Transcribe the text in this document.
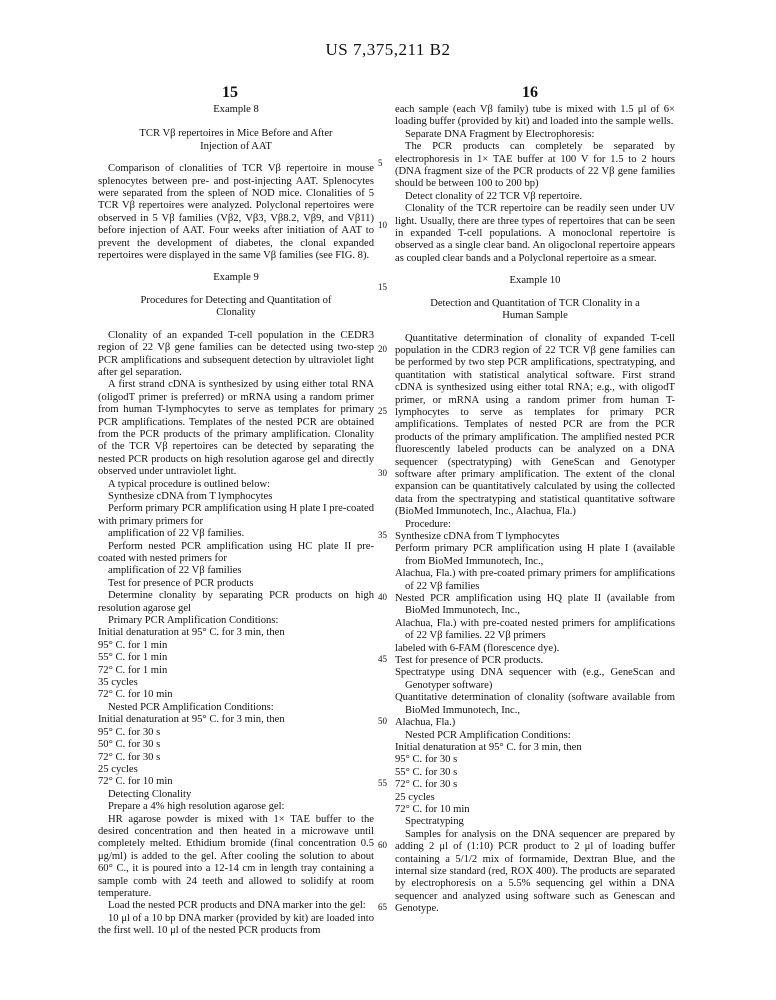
US 7,375,211 B2
15	16
5
10
15
20
25
30
35
40
45
50
55
60
65

Example 8

TCR Vβ repertoires in Mice Before and After Injection of AAT

Comparison of clonalities of TCR Vβ repertoire in mouse splenocytes between pre- and post-injecting AAT. Splenocytes were separated from the spleen of NOD mice. Clonalities of 5 TCR Vβ repertoires were analyzed. Polyclonal repertoires were observed in 5 Vβ families (Vβ2, Vβ3, Vβ8.2, Vβ9, and Vβ11) before injection of AAT. Four weeks after initiation of AAT to prevent the development of diabetes, the clonal expanded repertoires were displayed in the same Vβ families (see FIG. 8).

Example 9

Procedures for Detecting and Quantitation of Clonality

Clonality of an expanded T-cell population in the CEDR3 region of 22 Vβ gene families can be detected using two-step PCR amplifications and subsequent detection by ultraviolet light after gel separation.

A first strand cDNA is synthesized by using either total RNA (oligodT primer is preferred) or mRNA using a random primer from human T-lymphocytes to serve as templates for primary PCR amplifications. Templates of the nested PCR are obtained from the PCR products of the primary amplification. Clonality of the TCR Vβ repertoires can be detected by separating the nested PCR products on high resolution agarose gel and directly observed under untraviolet light.

A typical procedure is outlined below:

Synthesize cDNA from T lymphocytes

Perform primary PCR amplification using H plate I pre-coated with primary primers for

amplification of 22 Vβ families.

Perform nested PCR amplification using HC plate II pre-coated with nested primers for

amplification of 22 Vβ families

Test for presence of PCR products

Determine clonality by separating PCR products on high resolution agarose gel

Primary PCR Amplification Conditions:

Initial denaturation at 95° C. for 3 min, then

95° C. for 1 min

55° C. for 1 min

72° C. for 1 min

35 cycles

72° C. for 10 min

Nested PCR Amplification Conditions:

Initial denaturation at 95° C. for 3 min, then

95° C. for 30 s

50° C. for 30 s

72° C. for 30 s

25 cycles

72° C. for 10 min

Detecting Clonality

Prepare a 4% high resolution agarose gel:

HR agarose powder is mixed with 1× TAE buffer to the desired concentration and then heated in a microwave until completely melted. Ethidium bromide (final concentration 0.5 μg/ml) is added to the gel. After cooling the solution to about 60° C., it is poured into a 12-14 cm in length tray containing a sample comb with 24 teeth and allowed to solidify at room temperature.

Load the nested PCR products and DNA marker into the gel:

10 μl of a 10 bp DNA marker (provided by kit) are loaded into the first well. 10 μl of the nested PCR products from

each sample (each Vβ family) tube is mixed with 1.5 μl of 6× loading buffer (provided by kit) and loaded into the sample wells.

Separate DNA Fragment by Electrophoresis:

The PCR products can completely be separated by electrophoresis in 1× TAE buffer at 100 V for 1.5 to 2 hours (DNA fragment size of the PCR products of 22 Vβ gene families should be between 100 to 200 bp)

Detect clonality of 22 TCR Vβ repertoire.

Clonality of the TCR repertoire can be readily seen under UV light. Usually, there are three types of repertoires that can be seen in expanded T-cell populations. A monoclonal repertoire is observed as a single clear band. An oligoclonal repertoire appears as coupled clear bands and a Polyclonal repertoire as a smear.

Example 10

Detection and Quantitation of TCR Clonality in a Human Sample

Quantitative determination of clonality of expanded T-cell population in the CDR3 region of 22 TCR Vβ gene families can be performed by two step PCR amplifications, spectratyping, and quantitation with statistical analytical software. First strand cDNA is synthesized using either total RNA; e.g., with oligodT primer, or mRNA using a random primer from human T-lymphocytes to serve as templates for primary PCR amplifications. Templates of nested PCR are from the PCR products of the primary amplification. The amplified nested PCR fluorescently labeled products can be analyzed on a DNA sequencer (spectratyping) with GeneScan and Genotyper software after primary amplification. The extent of the clonal expansion can be quantitatively calculated by using the collected data from the spectratyping and statistical quantitative software (BioMed Immunotech, Inc., Alachua, Fla.)

Procedure:

Synthesize cDNA from T lymphocytes

Perform primary PCR amplification using H plate I (available from BioMed Immunotech, Inc.,

Alachua, Fla.) with pre-coated primary primers for amplifications of 22 Vβ families

Nested PCR amplification using HQ plate II (available from BioMed Immunotech, Inc.,

Alachua, Fla.) with pre-coated nested primers for amplifications of 22 Vβ families. 22 Vβ primers

labeled with 6-FAM (florescence dye).

Test for presence of PCR products.

Spectratype using DNA sequencer with (e.g., GeneScan and Genotyper software)

Quantitative determination of clonality (software available from BioMed Immunotech, Inc.,

Alachua, Fla.)

Nested PCR Amplification Conditions:

Initial denaturation at 95° C. for 3 min, then

95° C. for 30 s

55° C. for 30 s

72° C. for 30 s

25 cycles

72° C. for 10 min

Spectratyping

Samples for analysis on the DNA sequencer are prepared by adding 2 μl of (1:10) PCR product to 2 μl of loading buffer containing a 5/1/2 mix of formamide, Dextran Blue, and the internal size standard (red, ROX 400). The products are separated by electrophoresis on a 5.5% sequencing gel within a DNA sequencer and analyzed using software such as Genescan and Genotype.
